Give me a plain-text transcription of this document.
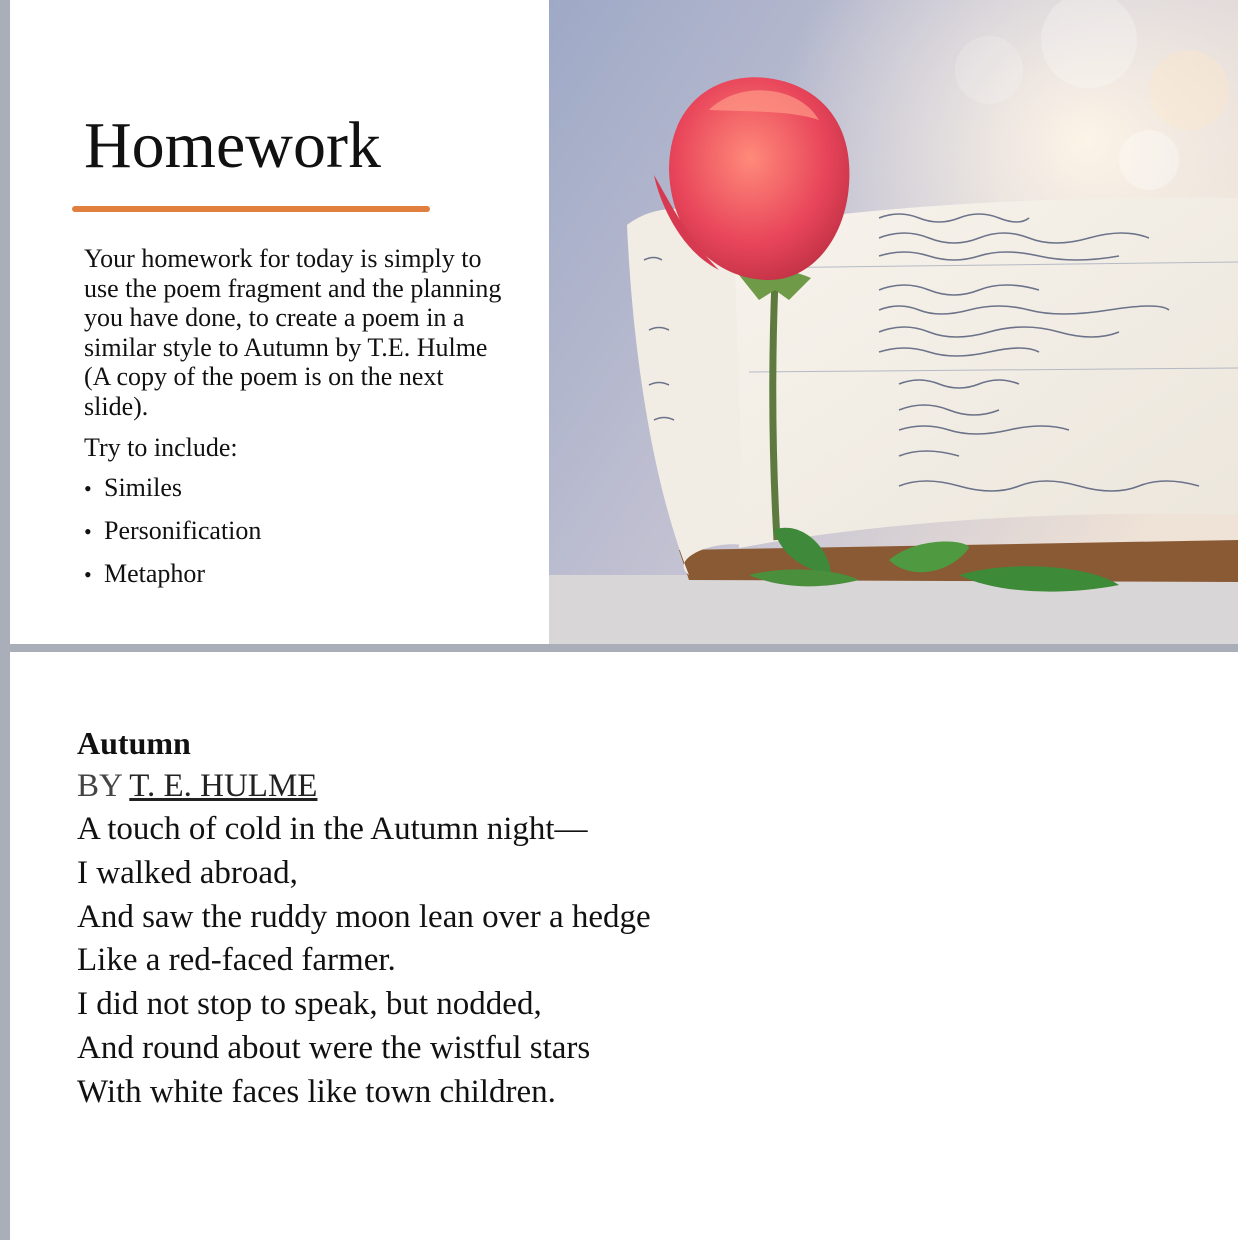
Homework

Your homework for today is simply to use the poem fragment and the planning you have done, to create a poem in a similar style to Autumn by T.E. Hulme (A copy of the poem is on the next slide).

Try to include:

• Similes
• Personification
• Metaphor

Autumn

BY T. E. HULME
A touch of cold in the Autumn night—
I walked abroad,
And saw the ruddy moon lean over a hedge
Like a red-faced farmer.
I did not stop to speak, but nodded,
And round about were the wistful stars
With white faces like town children.
